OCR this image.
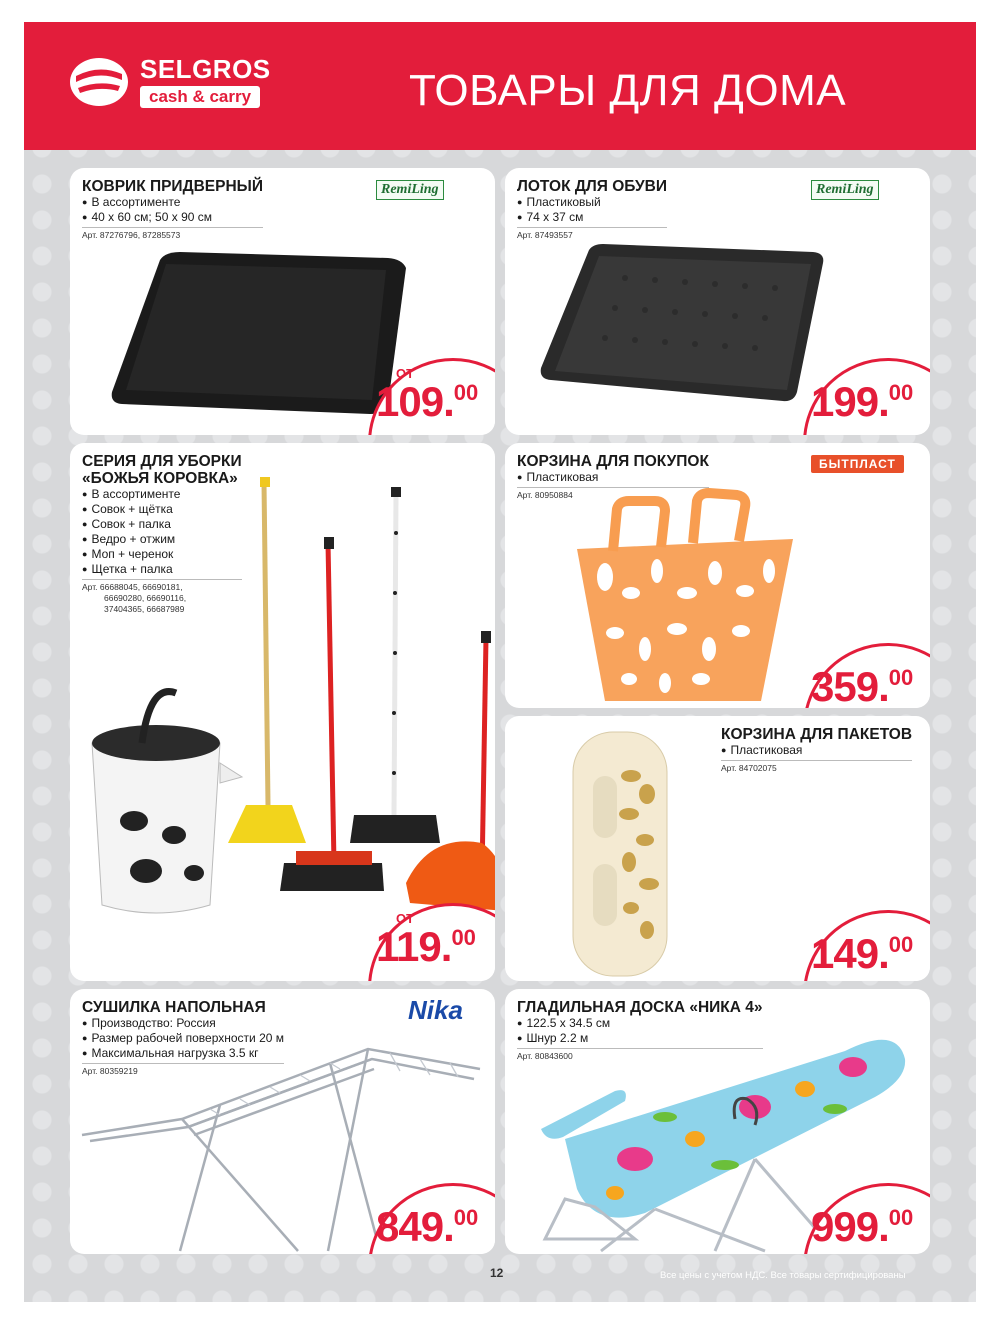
SELGROS
cash & carry	ТОВАРЫ ДЛЯ ДОМА
КОВРИК ПРИДВЕРНЫЙ
● В ассортименте
● 40 х 60 см; 50 х 90 см
Арт. 87276796, 87285573
RemiLing
ОТ
109.00
ЛОТОК ДЛЯ ОБУВИ
● Пластиковый
● 74 х 37 см
Арт. 87493557
RemiLing
199.00
СЕРИЯ ДЛЯ УБОРКИ
«БОЖЬЯ КОРОВКА»
● В ассортименте
● Совок + щётка
● Совок + палка
● Ведро + отжим
● Моп + черенок
● Щетка + палка
Арт. 66688045, 66690181,
66690280, 66690116,
37404365, 66687989
ОТ
119.00
КОРЗИНА ДЛЯ ПОКУПОК
● Пластиковая
Арт. 80950884
БЫТПЛАСТ
359.00
КОРЗИНА ДЛЯ ПАКЕТОВ
● Пластиковая
Арт. 84702075
149.00
СУШИЛКА НАПОЛЬНАЯ
● Производство: Россия
● Размер рабочей поверхности 20 м
● Максимальная нагрузка 3.5 кг
Арт. 80359219
Nika
849.00
ГЛАДИЛЬНАЯ ДОСКА «НИКА 4»
● 122.5 х 34.5 см
● Шнур 2.2 м
Арт. 80843600
999.00
12	Все цены с учетом НДС. Все товары сертифицированы
